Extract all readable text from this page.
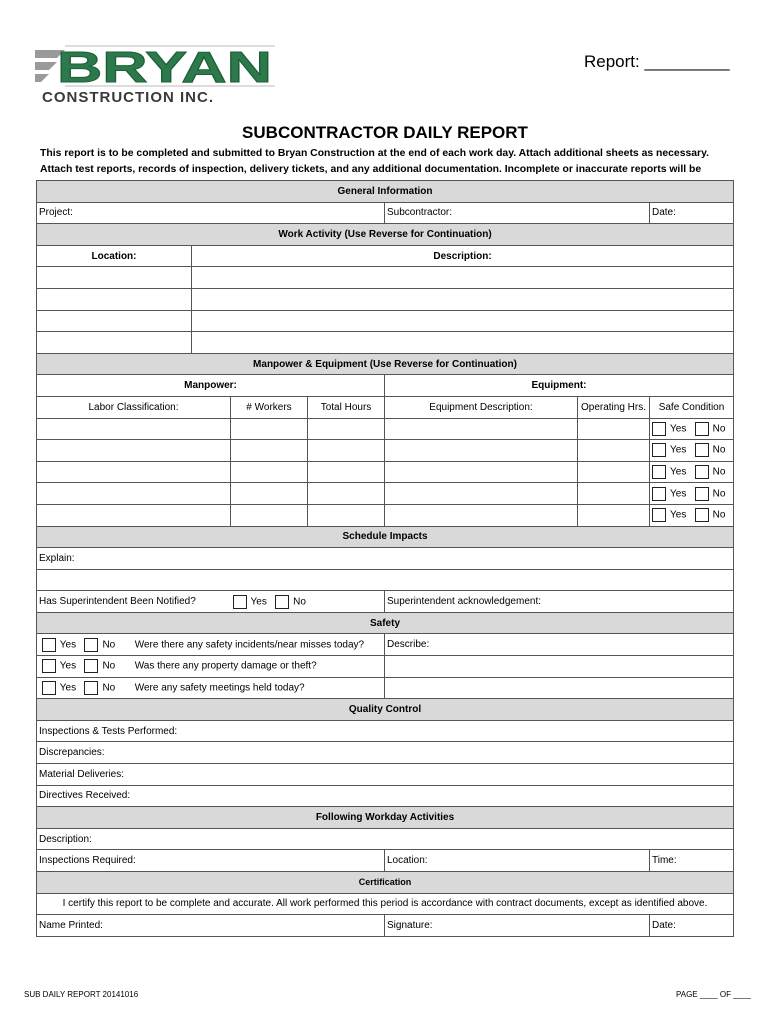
BRYAN
CONSTRUCTION INC.
Report: _________
SUBCONTRACTOR DAILY REPORT
This report is to be completed and submitted to Bryan Construction at the end of each work day. Attach additional sheets as necessary. Attach test reports, records of inspection, delivery tickets, and any additional documentation. Incomplete or inaccurate reports will be
General Information						
Project:				Subcontractor:		Date:
Work Activity (Use Reverse for Continuation)						
Location:	Description:					

Manpower & Equipment (Use Reverse for Continuation)						
Manpower:				Equipment:		
Labor Classification:		# Workers	Total Hours	Equipment Description:	Operating Hrs.	Safe Condition
						Yes No
						Yes No
						Yes No
						Yes No
						Yes No
Schedule Impacts						
Explain:						

Has Superintendent Been Notified?		Yes No		Superintendent acknowledgement:		
Safety						
Yes No Were there any safety incidents/near misses today?				Describe:		
Yes No Was there any property damage or theft?						
Yes No Were any safety meetings held today?						
Quality Control						
Inspections & Tests Performed:						
Discrepancies:						
Material Deliveries:						
Directives Received:						
Following Workday Activities						
Description:						
Inspections Required:				Location:		Time:
Certification						
I certify this report to be complete and accurate. All work performed this period is accordance with contract documents, except as identified above.						
Name Printed:				Signature:		Date:
SUB DAILY REPORT 20141016	PAGE ____ OF ____
